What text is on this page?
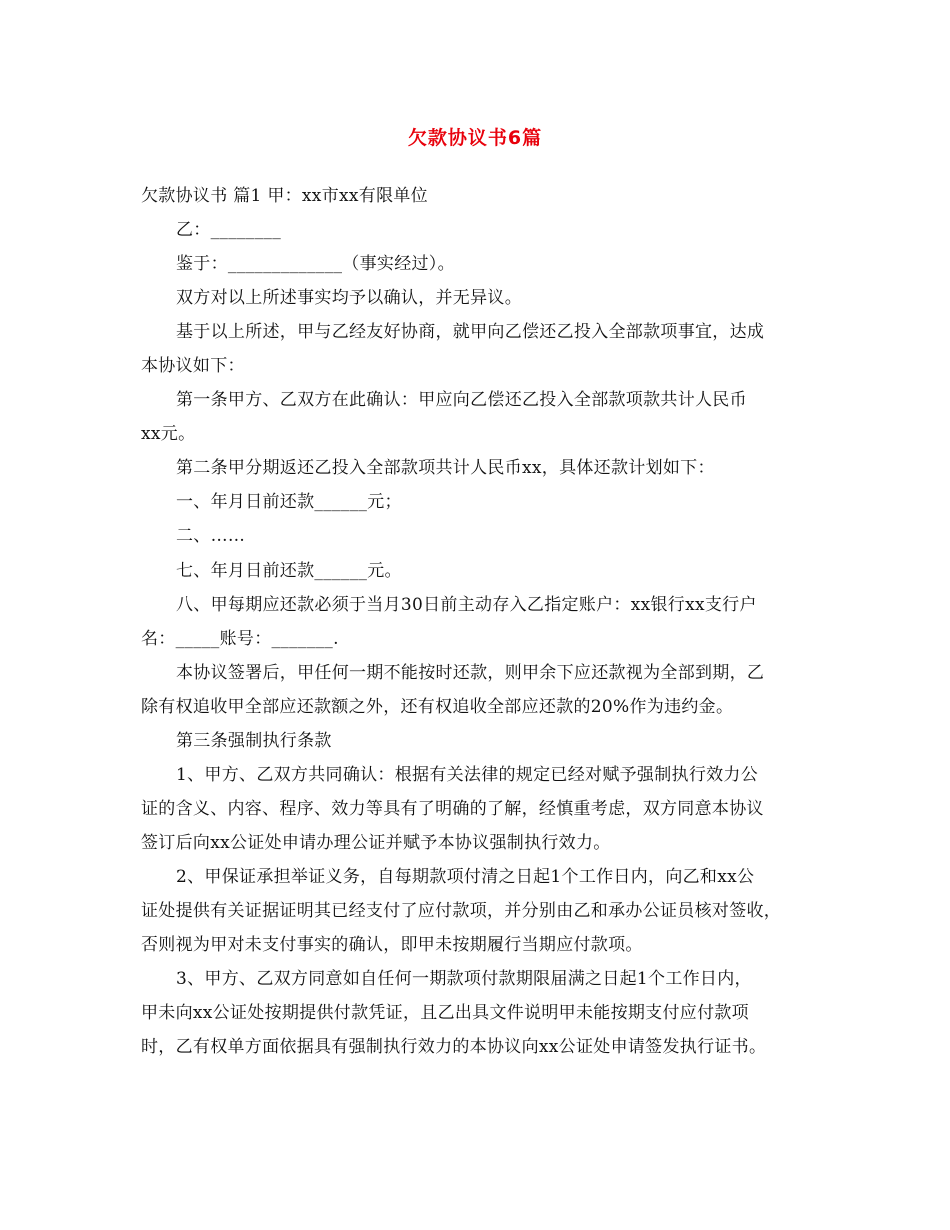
欠款协议书6篇
欠款协议书 篇1 甲：xx市xx有限单位
乙：________
鉴于：_____________（事实经过）。
双方对以上所述事实均予以确认，并无异议。
基于以上所述，甲与乙经友好协商，就甲向乙偿还乙投入全部款项事宜，达成
本协议如下：
第一条甲方、乙双方在此确认：甲应向乙偿还乙投入全部款项款共计人民币
xx元。
第二条甲分期返还乙投入全部款项共计人民币xx，具体还款计划如下：
一、年月日前还款______元；
二、……
七、年月日前还款______元。
八、甲每期应还款必须于当月30日前主动存入乙指定账户：xx银行xx支行户
名：_____账号：_______.
本协议签署后，甲任何一期不能按时还款，则甲余下应还款视为全部到期，乙
除有权追收甲全部应还款额之外，还有权追收全部应还款的20%作为违约金。
第三条强制执行条款
1、甲方、乙双方共同确认：根据有关法律的规定已经对赋予强制执行效力公
证的含义、内容、程序、效力等具有了明确的了解，经慎重考虑，双方同意本协议
签订后向xx公证处申请办理公证并赋予本协议强制执行效力。
2、甲保证承担举证义务，自每期款项付清之日起1个工作日内，向乙和xx公
证处提供有关证据证明其已经支付了应付款项，并分别由乙和承办公证员核对签收，
否则视为甲对未支付事实的确认，即甲未按期履行当期应付款项。
3、甲方、乙双方同意如自任何一期款项付款期限届满之日起1个工作日内，
甲未向xx公证处按期提供付款凭证，且乙出具文件说明甲未能按期支付应付款项
时，乙有权单方面依据具有强制执行效力的本协议向xx公证处申请签发执行证书。
